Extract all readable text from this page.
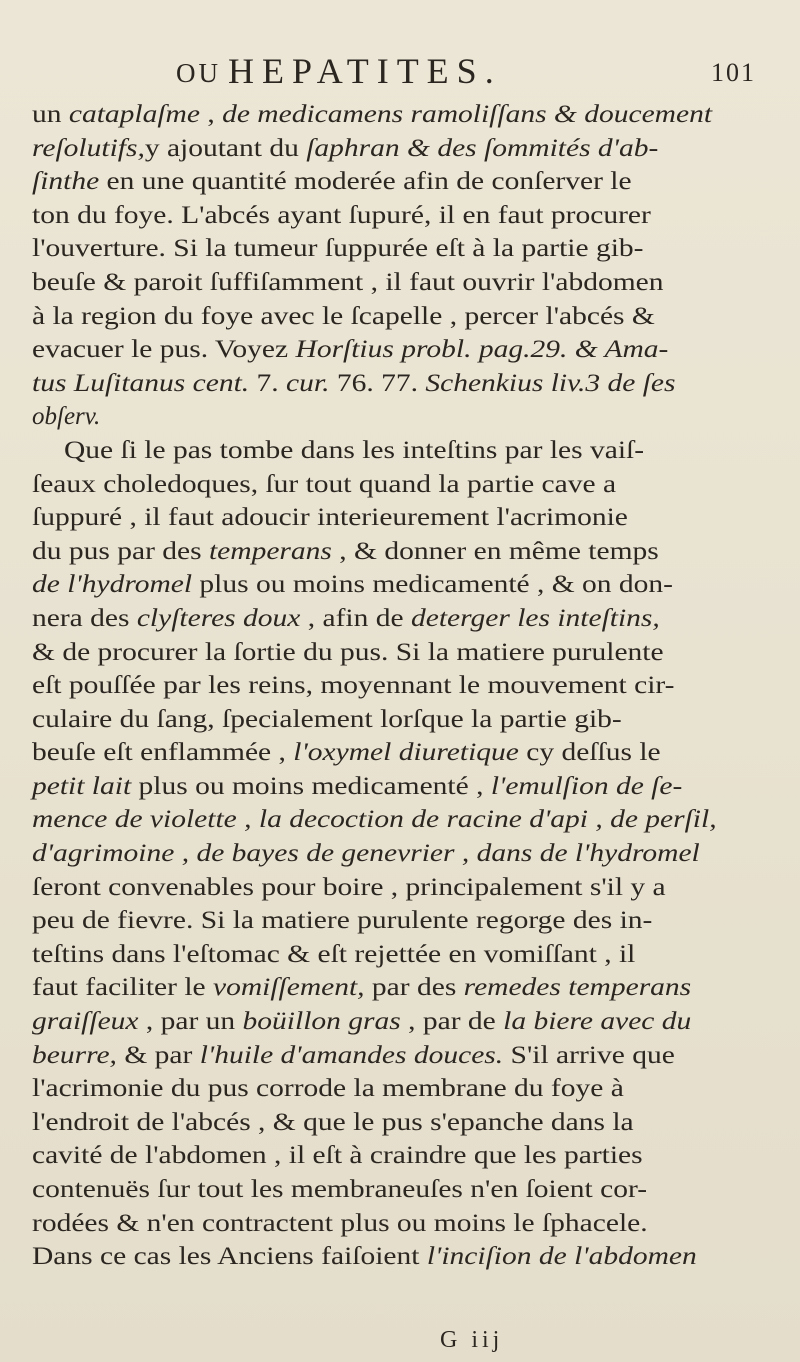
OU HEPATITES.	101
un cataplaſme , de medicamens ramoliſſans & doucement
reſolutifs,y ajoutant du ſaphran & des ſommités d'ab-
ſinthe en une quantité moderée afin de conſerver le
ton du foye. L'abcés ayant ſupuré, il en faut procurer
l'ouverture. Si la tumeur ſuppurée eſt à la partie gib-
beuſe & paroit ſuffiſamment , il faut ouvrir l'abdomen
à la region du foye avec le ſcapelle , percer l'abcés &
evacuer le pus. Voyez Horſtius probl. pag.29. & Ama-
tus Luſitanus cent. 7. cur. 76. 77. Schenkius liv.3 de ſes
obſerv.
Que ſi le pas tombe dans les inteſtins par les vaiſ-
ſeaux choledoques, ſur tout quand la partie cave a
ſuppuré , il faut adoucir interieurement l'acrimonie
du pus par des temperans , & donner en même temps
de l'hydromel plus ou moins medicamenté , & on don-
nera des clyſteres doux , afin de deterger les inteſtins,
& de procurer la ſortie du pus. Si la matiere purulente
eſt pouſſée par les reins, moyennant le mouvement cir-
culaire du ſang, ſpecialement lorſque la partie gib-
beuſe eſt enflammée , l'oxymel diuretique cy deſſus le
petit lait plus ou moins medicamenté , l'emulſion de ſe-
mence de violette , la decoction de racine d'api , de perſil,
d'agrimoine , de bayes de genevrier , dans de l'hydromel
ſeront convenables pour boire , principalement s'il y a
peu de fievre. Si la matiere purulente regorge des in-
teſtins dans l'eſtomac & eſt rejettée en vomiſſant , il
faut faciliter le vomiſſement, par des remedes temperans
graiſſeux , par un boüillon gras , par de la biere avec du
beurre, & par l'huile d'amandes douces. S'il arrive que
l'acrimonie du pus corrode la membrane du foye à
l'endroit de l'abcés , & que le pus s'epanche dans la
cavité de l'abdomen , il eſt à craindre que les parties
contenuës ſur tout les membraneuſes n'en ſoient cor-
rodées & n'en contractent plus ou moins le ſphacele.
Dans ce cas les Anciens faiſoient l'inciſion de l'abdomen
G iij
